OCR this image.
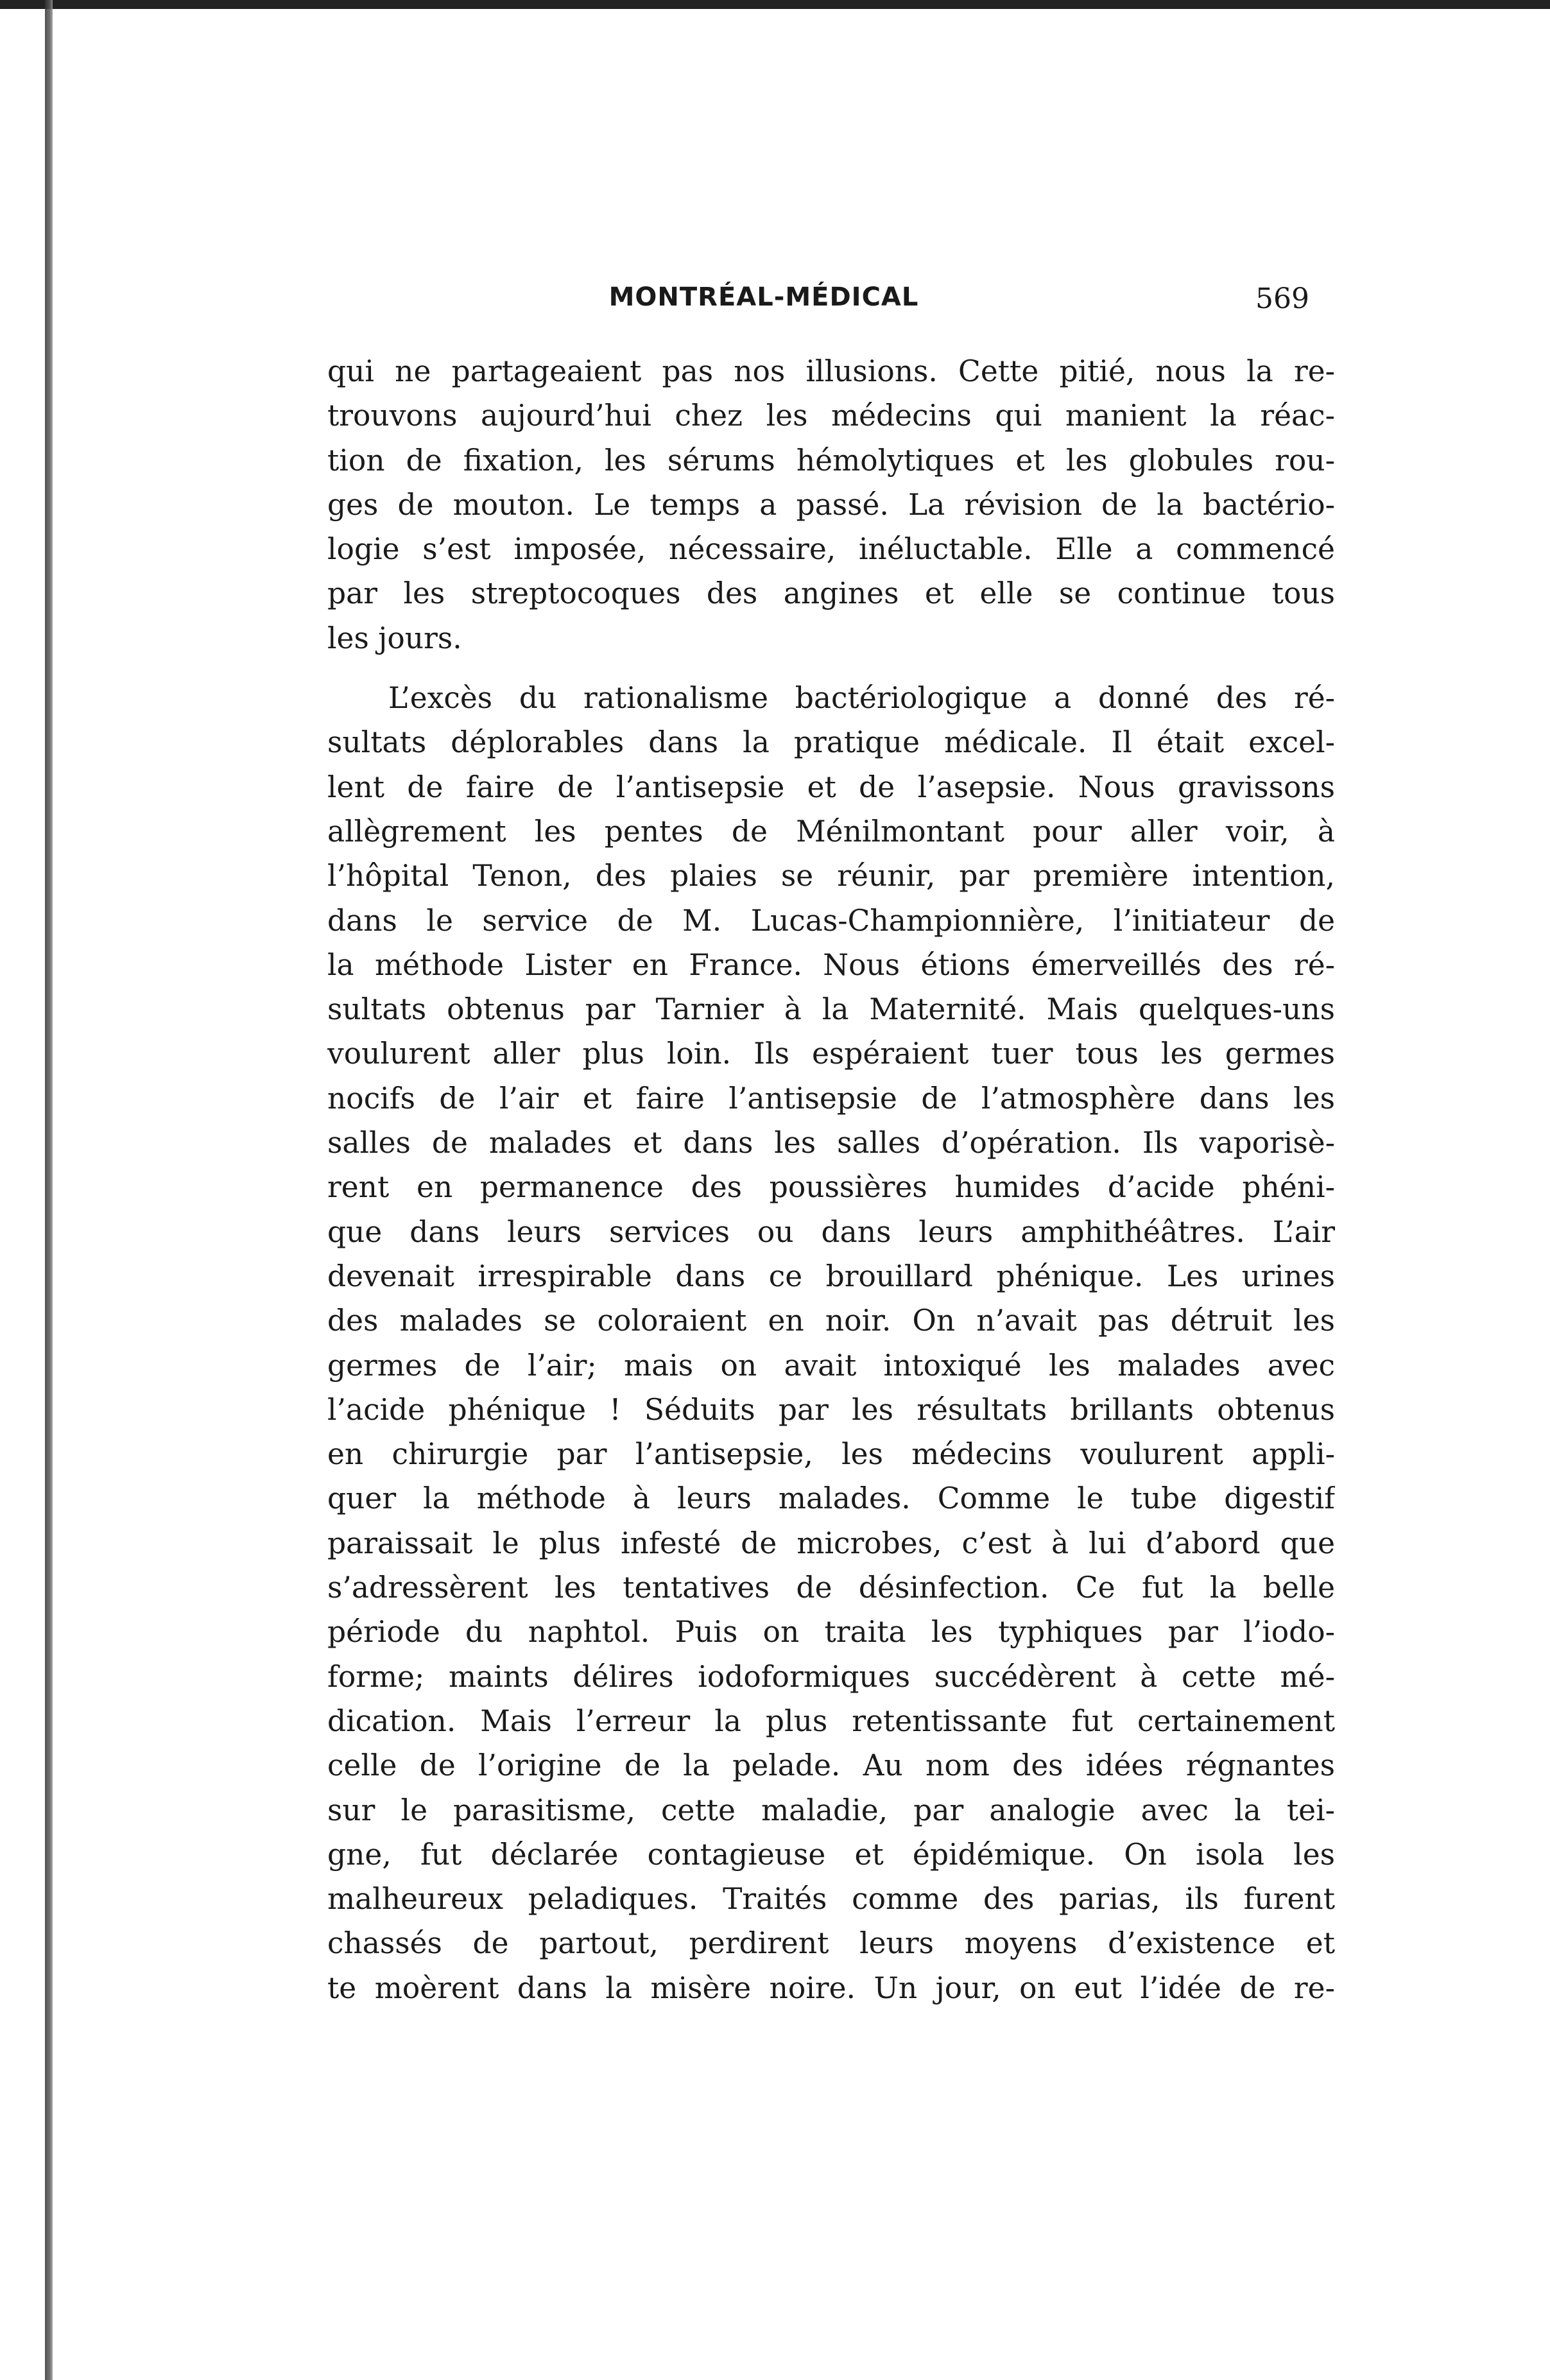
MONTRÉAL-MÉDICAL	569
qui ne partageaient pas nos illusions. Cette pitié, nous la re-
trouvons aujourd’hui chez les médecins qui manient la réac-
tion de fixation, les sérums hémolytiques et les globules rou-
ges de mouton. Le temps a passé. La révision de la bactério-
logie s’est imposée, nécessaire, inéluctable. Elle a commencé
par les streptocoques des angines et elle se continue tous
les jours.
L’excès du rationalisme bactériologique a donné des ré-
sultats déplorables dans la pratique médicale. Il était excel-
lent de faire de l’antisepsie et de l’asepsie. Nous gravissons
allègrement les pentes de Ménilmontant pour aller voir, à
l’hôpital Tenon, des plaies se réunir, par première intention,
dans le service de M. Lucas-Championnière, l’initiateur de
la méthode Lister en France. Nous étions émerveillés des ré-
sultats obtenus par Tarnier à la Maternité. Mais quelques-uns
voulurent aller plus loin. Ils espéraient tuer tous les germes
nocifs de l’air et faire l’antisepsie de l’atmosphère dans les
salles de malades et dans les salles d’opération. Ils vaporisè-
rent en permanence des poussières humides d’acide phéni-
que dans leurs services ou dans leurs amphithéâtres. L’air
devenait irrespirable dans ce brouillard phénique. Les urines
des malades se coloraient en noir. On n’avait pas détruit les
germes de l’air; mais on avait intoxiqué les malades avec
l’acide phénique ! Séduits par les résultats brillants obtenus
en chirurgie par l’antisepsie, les médecins voulurent appli-
quer la méthode à leurs malades. Comme le tube digestif
paraissait le plus infesté de microbes, c’est à lui d’abord que
s’adressèrent les tentatives de désinfection. Ce fut la belle
période du naphtol. Puis on traita les typhiques par l’iodo-
forme; maints délires iodoformiques succédèrent à cette mé-
dication. Mais l’erreur la plus retentissante fut certainement
celle de l’origine de la pelade. Au nom des idées régnantes
sur le parasitisme, cette maladie, par analogie avec la tei-
gne, fut déclarée contagieuse et épidémique. On isola les
malheureux peladiques. Traités comme des parias, ils furent
chassés de partout, perdirent leurs moyens d’existence et
te moèrent dans la misère noire. Un jour, on eut l’idée de re-
